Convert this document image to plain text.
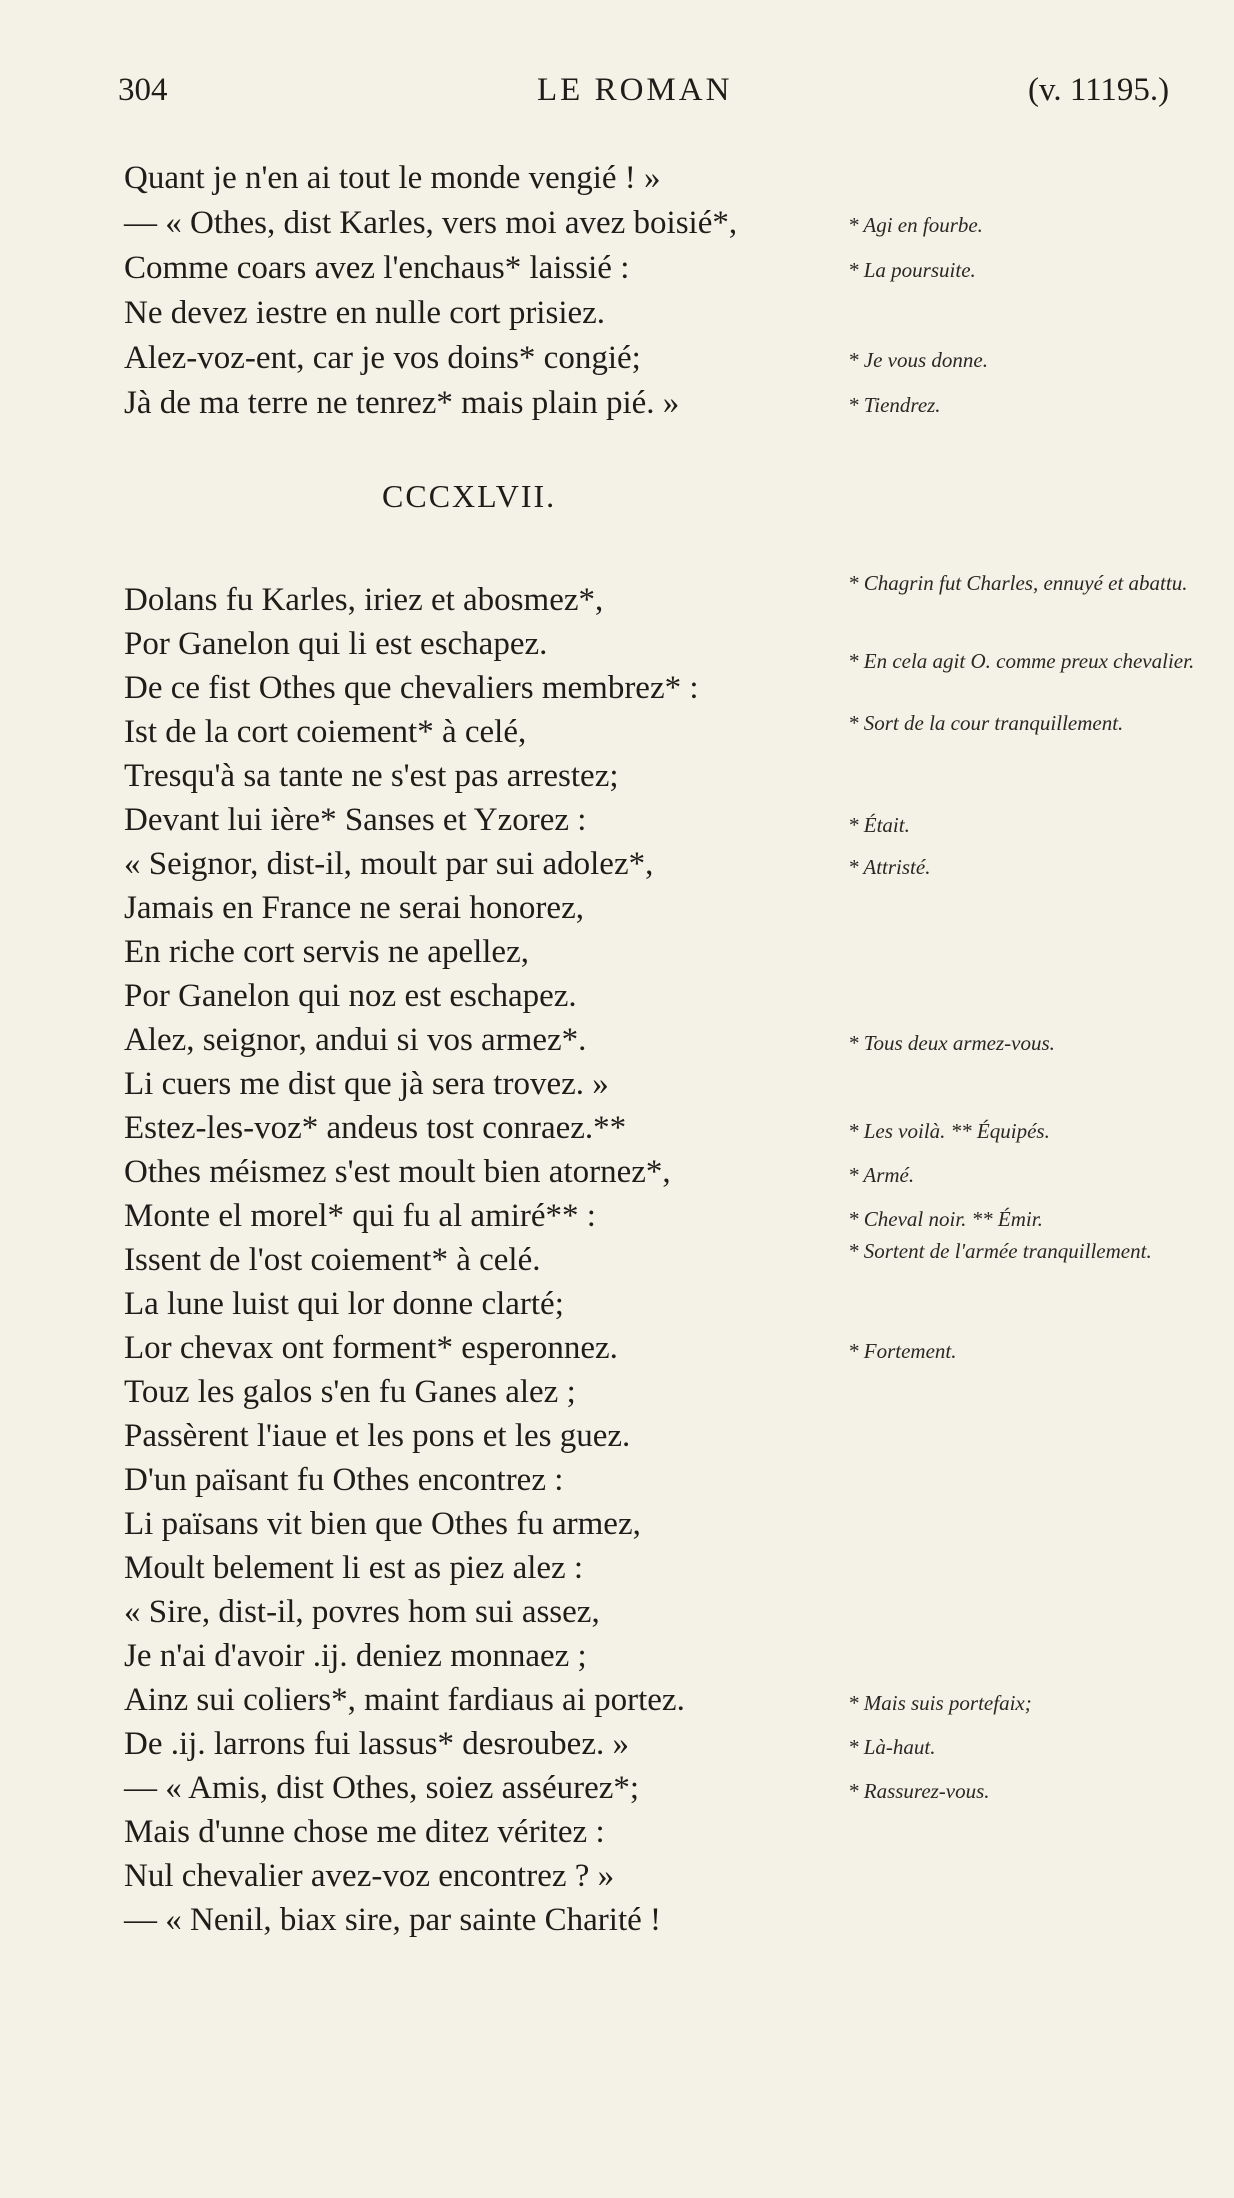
304	LE ROMAN	(v. 11195.)
Quant je n'en ai tout le monde vengié ! »
— « Othes, dist Karles, vers moi avez boisié*,
Comme coars avez l'enchaus* laissié :
Ne devez iestre en nulle cort prisiez.
Alez-voz-ent, car je vos doins* congié;
Jà de ma terre ne tenrez* mais plain pié. »
* Agi en fourbe.
* La poursuite.
* Je vous donne.
* Tiendrez.
CCCXLVII.
Dolans fu Karles, iriez et abosmez*,
Por Ganelon qui li est eschapez.
De ce fist Othes que chevaliers membrez* :
Ist de la cort coiement* à celé,
Tresqu'à sa tante ne s'est pas arrestez;
Devant lui ière* Sanses et Yzorez :
« Seignor, dist-il, moult par sui adolez*,
Jamais en France ne serai honorez,
En riche cort servis ne apellez,
Por Ganelon qui noz est eschapez.
Alez, seignor, andui si vos armez*.
Li cuers me dist que jà sera trovez. »
Estez-les-voz* andeus tost conraez.**
Othes méismez s'est moult bien atornez*,
Monte el morel* qui fu al amiré** :
Issent de l'ost coiement* à celé.
La lune luist qui lor donne clarté;
Lor chevax ont forment* esperonnez.
Touz les galos s'en fu Ganes alez ;
Passèrent l'iaue et les pons et les guez.
D'un païsant fu Othes encontrez :
Li païsans vit bien que Othes fu armez,
Moult belement li est as piez alez :
« Sire, dist-il, povres hom sui assez,
Je n'ai d'avoir .ij. deniez monnaez ;
Ainz sui coliers*, maint fardiaus ai portez.
De .ij. larrons fui lassus* desroubez. »
— « Amis, dist Othes, soiez asséurez*;
Mais d'unne chose me ditez véritez :
Nul chevalier avez-voz encontrez ? »
— « Nenil, biax sire, par sainte Charité !
* Chagrin fut Charles, ennuyé et abattu.
* En cela agit O. comme preux chevalier.
* Sort de la cour tranquillement.
* Était.
* Attristé.
* Tous deux armez-vous.
* Les voilà. ** Équipés.
* Armé.
* Cheval noir. ** Émir.
* Sortent de l'armée tranquillement.
* Fortement.
* Mais suis portefaix;
* Là-haut.
* Rassurez-vous.
